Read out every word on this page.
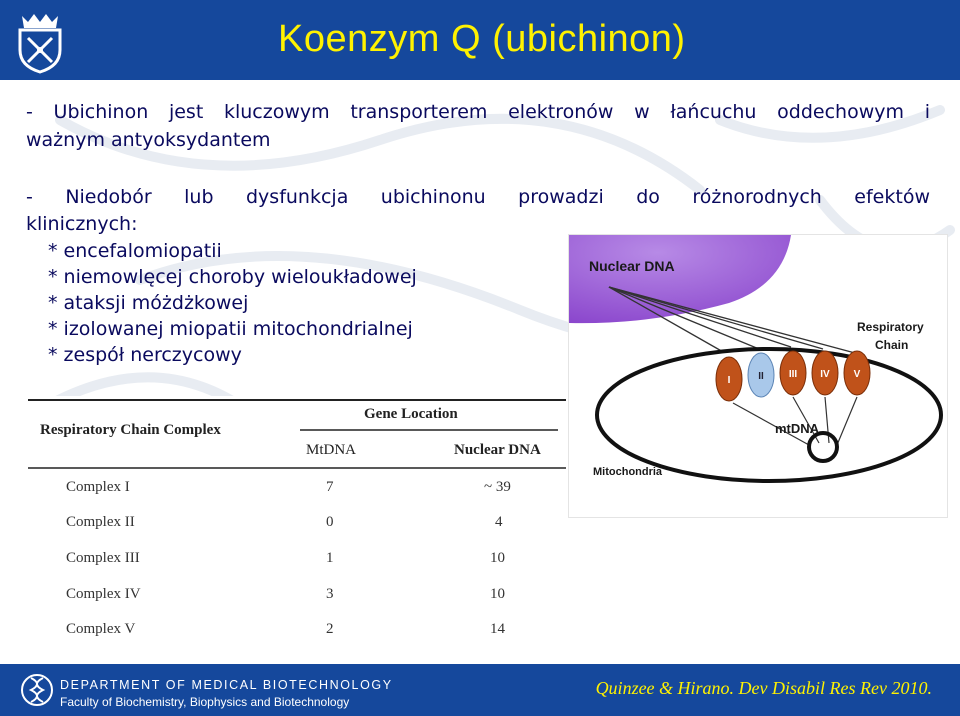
Koenzym Q (ubichinon)
- Ubichinon jest kluczowym transporterem elektronów w łańcuchu oddechowym i
ważnym antyoksydantem
- Niedobór lub dysfunkcja ubichinonu prowadzi do różnorodnych efektów
klinicznych:
* encefalomiopatii
* niemowlęcej choroby wieloukładowej
* ataksji móżdżkowej
* izolowanej miopatii mitochondrialnej
* zespół nerczycowy
Nuclear DNA
I	II	III IV V
Respiratory
Chain
mtDNA
Mitochondria
Gene Location
Respiratory Chain Complex
MtDNA	Nuclear DNA
Complex I	7	~ 39
Complex II	0	4
Complex III	1	10
Complex IV	3	10
Complex V	2	14
DEPARTMENT OF MEDICAL BIOTECHNOLOGY
Faculty of Biochemistry, Biophysics and Biotechnology
Quinzee & Hirano. Dev Disabil Res Rev 2010.
